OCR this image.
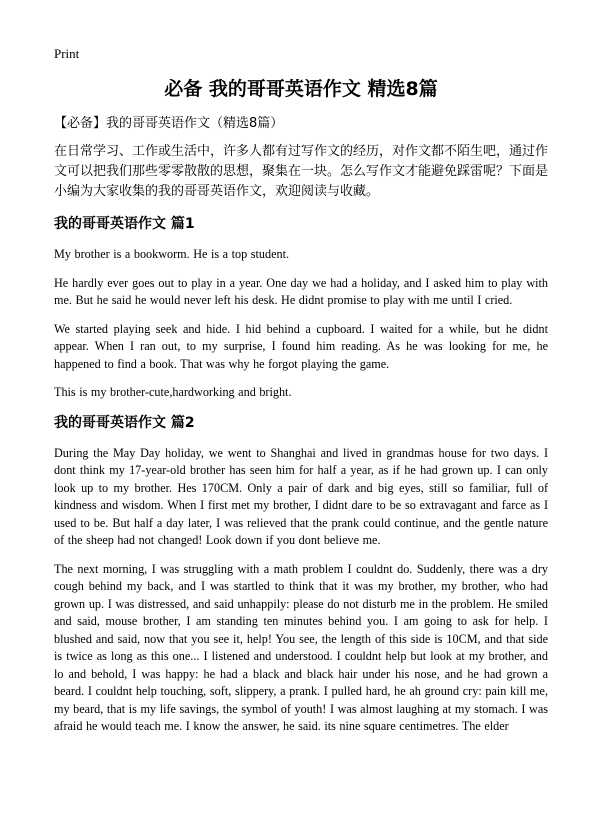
Print
必备 我的哥哥英语作文 精选8篇

【必备】我的哥哥英语作文（精选8篇）

在日常学习、工作或生活中，许多人都有过写作文的经历，对作文都不陌生吧，通过作文可以把我们那些零零散散的思想，聚集在一块。怎么写作文才能避免踩雷呢？下面是小编为大家收集的我的哥哥英语作文，欢迎阅读与收藏。

我的哥哥英语作文 篇1

My brother is a bookworm. He is a top student.

He hardly ever goes out to play in a year. One day we had a holiday, and I asked him to play with me. But he said he would never left his desk. He didnt promise to play with me until I cried.

We started playing seek and hide. I hid behind a cupboard. I waited for a while, but he didnt appear. When I ran out, to my surprise, I found him reading. As he was looking for me, he happened to find a book. That was why he forgot playing the game.

This is my brother-cute,hardworking and bright.

我的哥哥英语作文 篇2

During the May Day holiday, we went to Shanghai and lived in grandmas house for two days. I dont think my 17-year-old brother has seen him for half a year, as if he had grown up. I can only look up to my brother. Hes 170CM. Only a pair of dark and big eyes, still so familiar, full of kindness and wisdom. When I first met my brother, I didnt dare to be so extravagant and farce as I used to be. But half a day later, I was relieved that the prank could continue, and the gentle nature of the sheep had not changed! Look down if you dont believe me.

The next morning, I was struggling with a math problem I couldnt do. Suddenly, there was a dry cough behind my back, and I was startled to think that it was my brother, my brother, who had grown up. I was distressed, and said unhappily: please do not disturb me in the problem. He smiled and said, mouse brother, I am standing ten minutes behind you. I am going to ask for help. I blushed and said, now that you see it, help! You see, the length of this side is 10CM, and that side is twice as long as this one... I listened and understood. I couldnt help but look at my brother, and lo and behold, I was happy: he had a black and black hair under his nose, and he had grown a beard. I couldnt help touching, soft, slippery, a prank. I pulled hard, he ah ground cry: pain kill me, my beard, that is my life savings, the symbol of youth! I was almost laughing at my stomach. I was afraid he would teach me. I know the answer, he said. its nine square centimetres. The elder
